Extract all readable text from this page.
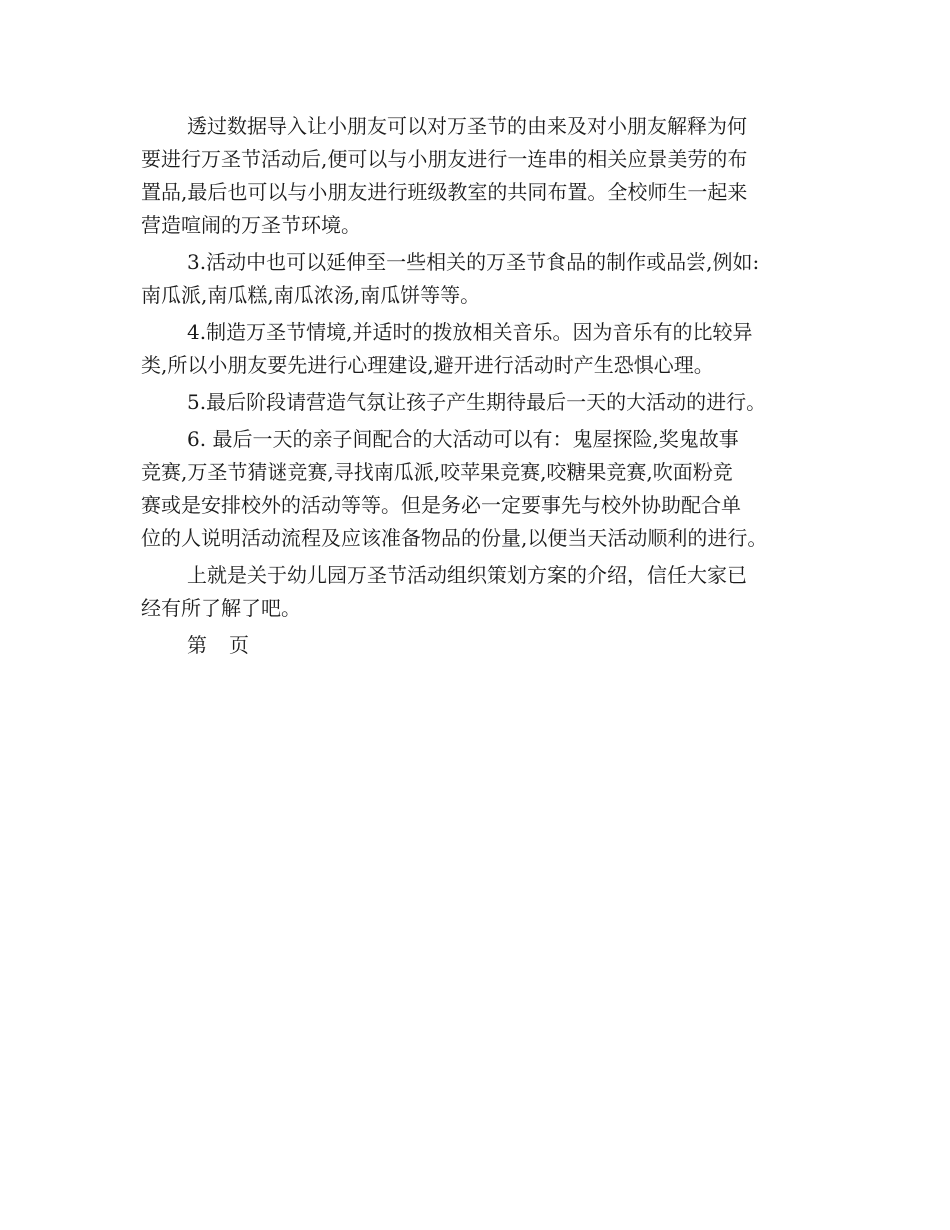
透过数据导入让小朋友可以对万圣节的由来及对小朋友解释为何
要进行万圣节活动后,便可以与小朋友进行一连串的相关应景美劳的布
置品,最后也可以与小朋友进行班级教室的共同布置。全校师生一起来
营造喧闹的万圣节环境。
3.活动中也可以延伸至一些相关的万圣节食品的制作或品尝,例如:
南瓜派,南瓜糕,南瓜浓汤,南瓜饼等等。
4.制造万圣节情境,并适时的拨放相关音乐。因为音乐有的比较异
类,所以小朋友要先进行心理建设,避开进行活动时产生恐惧心理。
5.最后阶段请营造气氛让孩子产生期待最后一天的大活动的进行。
6. 最后一天的亲子间配合的大活动可以有：鬼屋探险,奖鬼故事
竞赛,万圣节猜谜竞赛,寻找南瓜派,咬苹果竞赛,咬糖果竞赛,吹面粉竞
赛或是安排校外的活动等等。但是务必一定要事先与校外协助配合单
位的人说明活动流程及应该准备物品的份量,以便当天活动顺利的进行。
上就是关于幼儿园万圣节活动组织策划方案的介绍，信任大家已
经有所了解了吧。
第 页
